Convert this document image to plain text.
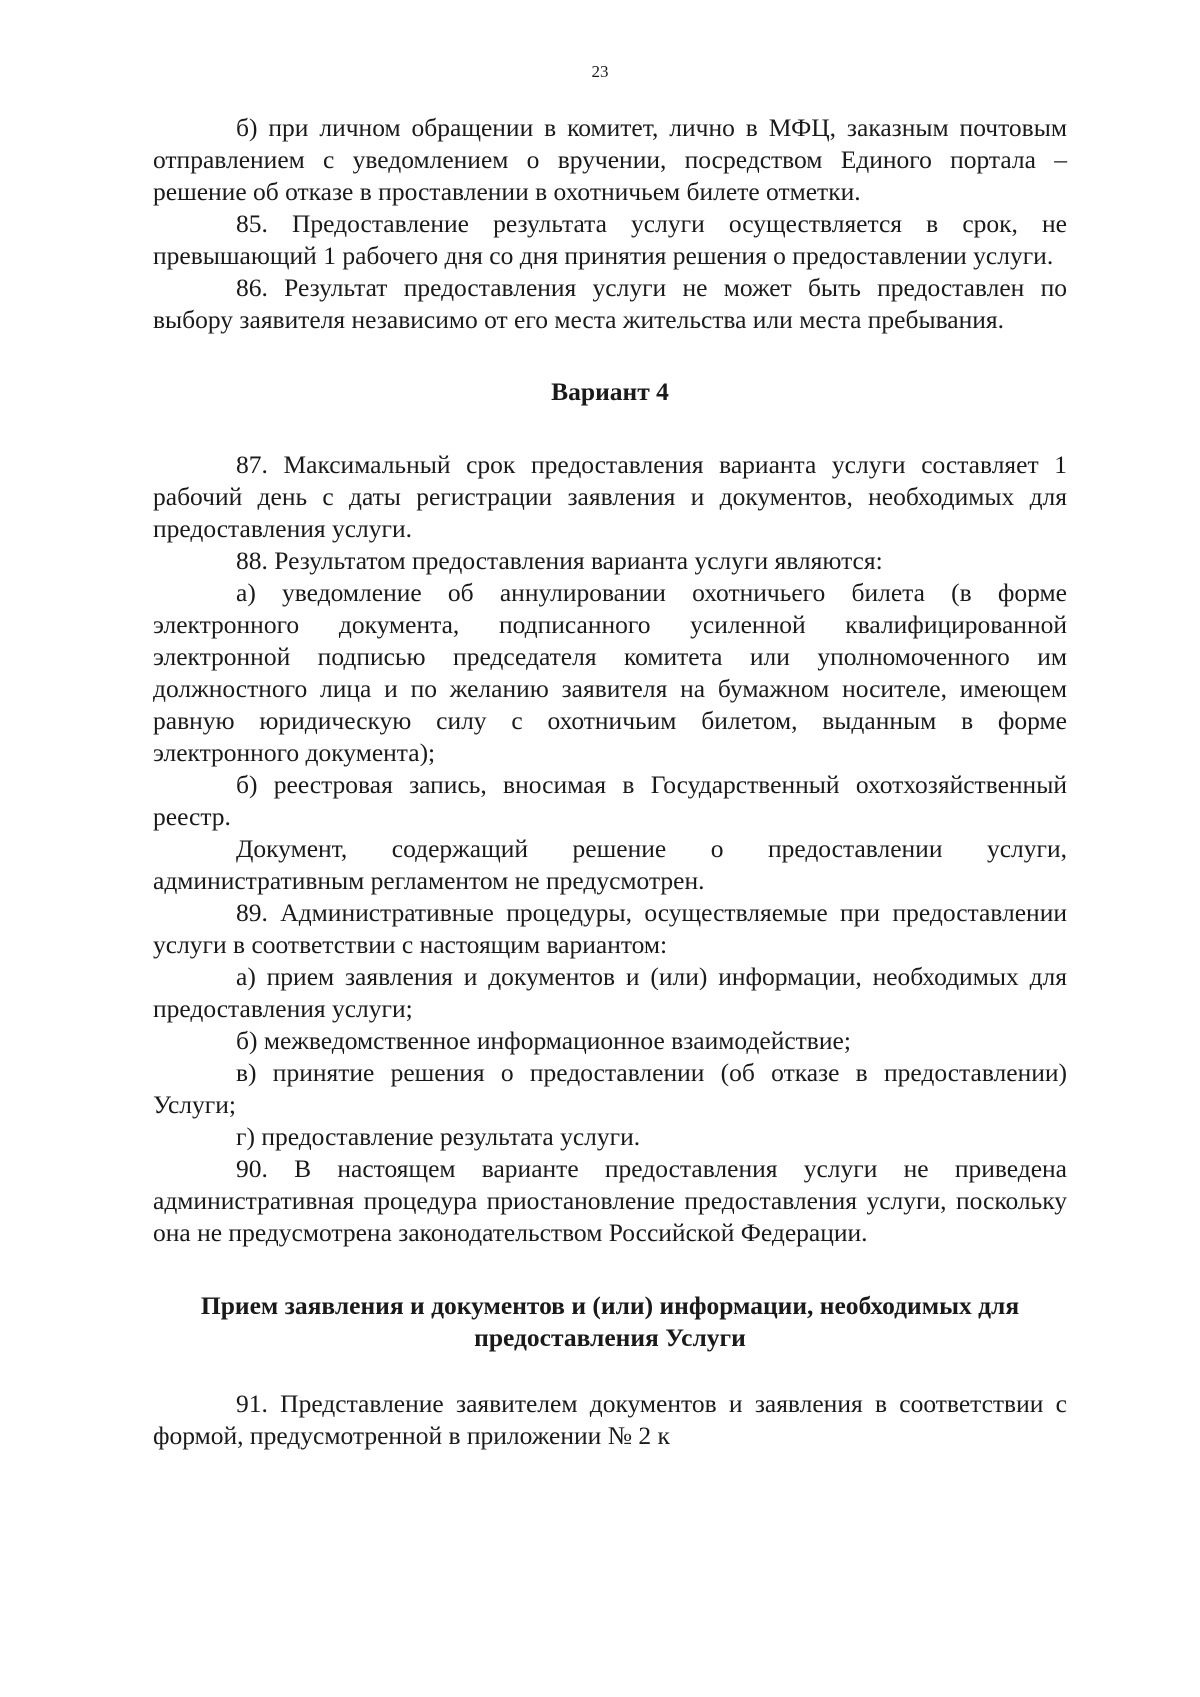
23

б) при личном обращении в комитет, лично в МФЦ, заказным почтовым отправлением с уведомлением о вручении, посредством Единого портала – решение об отказе в проставлении в охотничьем билете отметки.

85. Предоставление результата услуги осуществляется в срок, не превышающий 1 рабочего дня со дня принятия решения о предоставлении услуги.

86. Результат предоставления услуги не может быть предоставлен по выбору заявителя независимо от его места жительства или места пребывания.

Вариант 4

87. Максимальный срок предоставления варианта услуги составляет 1 рабочий день с даты регистрации заявления и документов, необходимых для предоставления услуги.

88. Результатом предоставления варианта услуги являются:

а) уведомление об аннулировании охотничьего билета (в форме электронного документа, подписанного усиленной квалифицированной электронной подписью председателя комитета или уполномоченного им должностного лица и по желанию заявителя на бумажном носителе, имеющем равную юридическую силу с охотничьим билетом, выданным в форме электронного документа);

б) реестровая запись, вносимая в Государственный охотхозяйственный реестр.

Документ, содержащий решение о предоставлении услуги, административным регламентом не предусмотрен.

89. Административные процедуры, осуществляемые при предоставлении услуги в соответствии с настоящим вариантом:

а) прием заявления и документов и (или) информации, необходимых для предоставления услуги;

б) межведомственное информационное взаимодействие;

в) принятие решения о предоставлении (об отказе в предоставлении) Услуги;

г) предоставление результата услуги.

90. В настоящем варианте предоставления услуги не приведена административная процедура приостановление предоставления услуги, поскольку она не предусмотрена законодательством Российской Федерации.

Прием заявления и документов и (или) информации, необходимых для предоставления Услуги

91. Представление заявителем документов и заявления в соответствии с формой, предусмотренной в приложении № 2 к
